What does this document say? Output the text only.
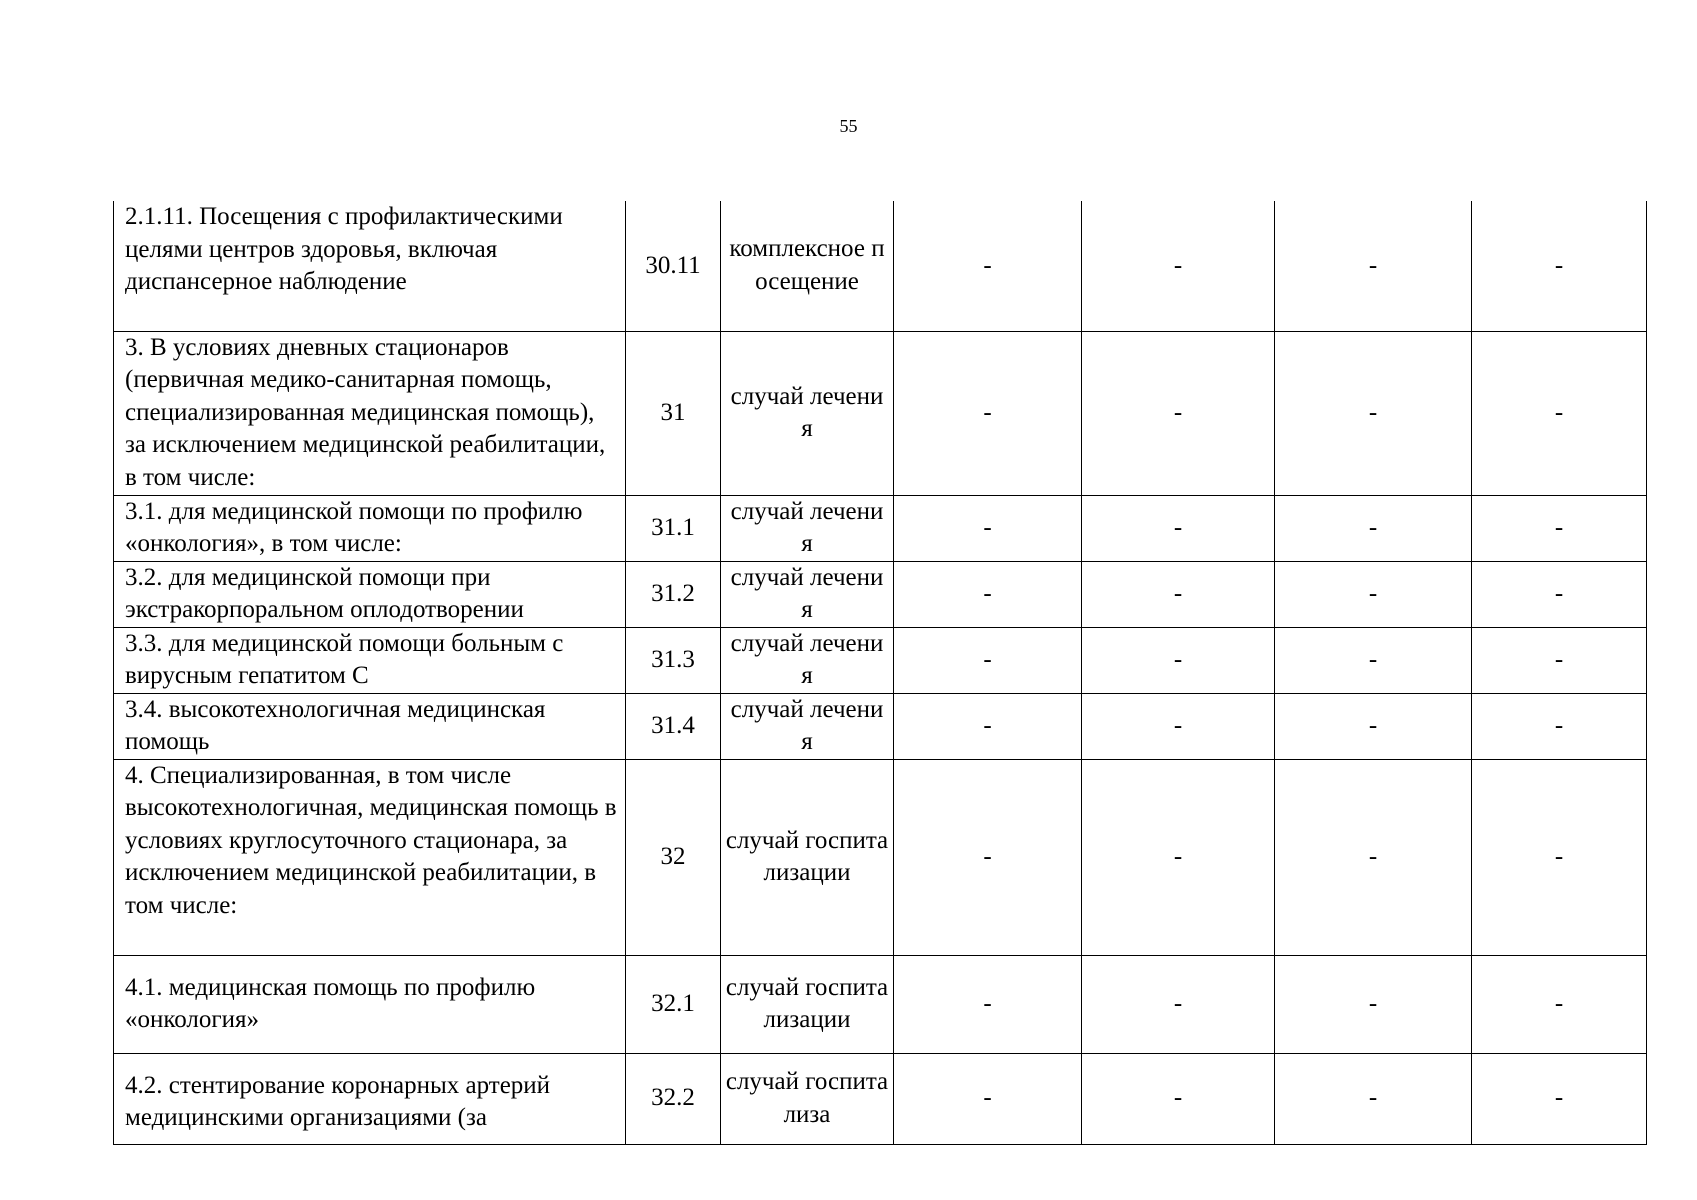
55
2.1.11. Посещения с профилактическими целями центров здоровья, включая диспансерное наблюдение	30.11	комплексное посещение	-	-	-	-
3. В условиях дневных стационаров (первичная медико-санитарная помощь, специализированная медицинская помощь), за исключением медицинской реабилитации, в том числе:	31	случай лечения	-	-	-	-
3.1. для медицинской помощи по профилю «онкология», в том числе:	31.1	случай лечения	-	-	-	-
3.2. для медицинской помощи при экстракорпоральном оплодотворении	31.2	случай лечения	-	-	-	-
3.3. для медицинской помощи больным с вирусным гепатитом С	31.3	случай лечения	-	-	-	-
3.4. высокотехнологичная медицинская помощь	31.4	случай лечения	-	-	-	-
4. Специализированная, в том числе высокотехнологичная, медицинская помощь в условиях круглосуточного стационара, за исключением медицинской реабилитации, в том числе:	32	случай госпитализации	-	-	-	-
4.1. медицинская помощь по профилю «онкология»	32.1	случай госпитализации	-	-	-	-
4.2. стентирование коронарных артерий медицинскими организациями (за	32.2	случай госпитализа	-	-	-	-
